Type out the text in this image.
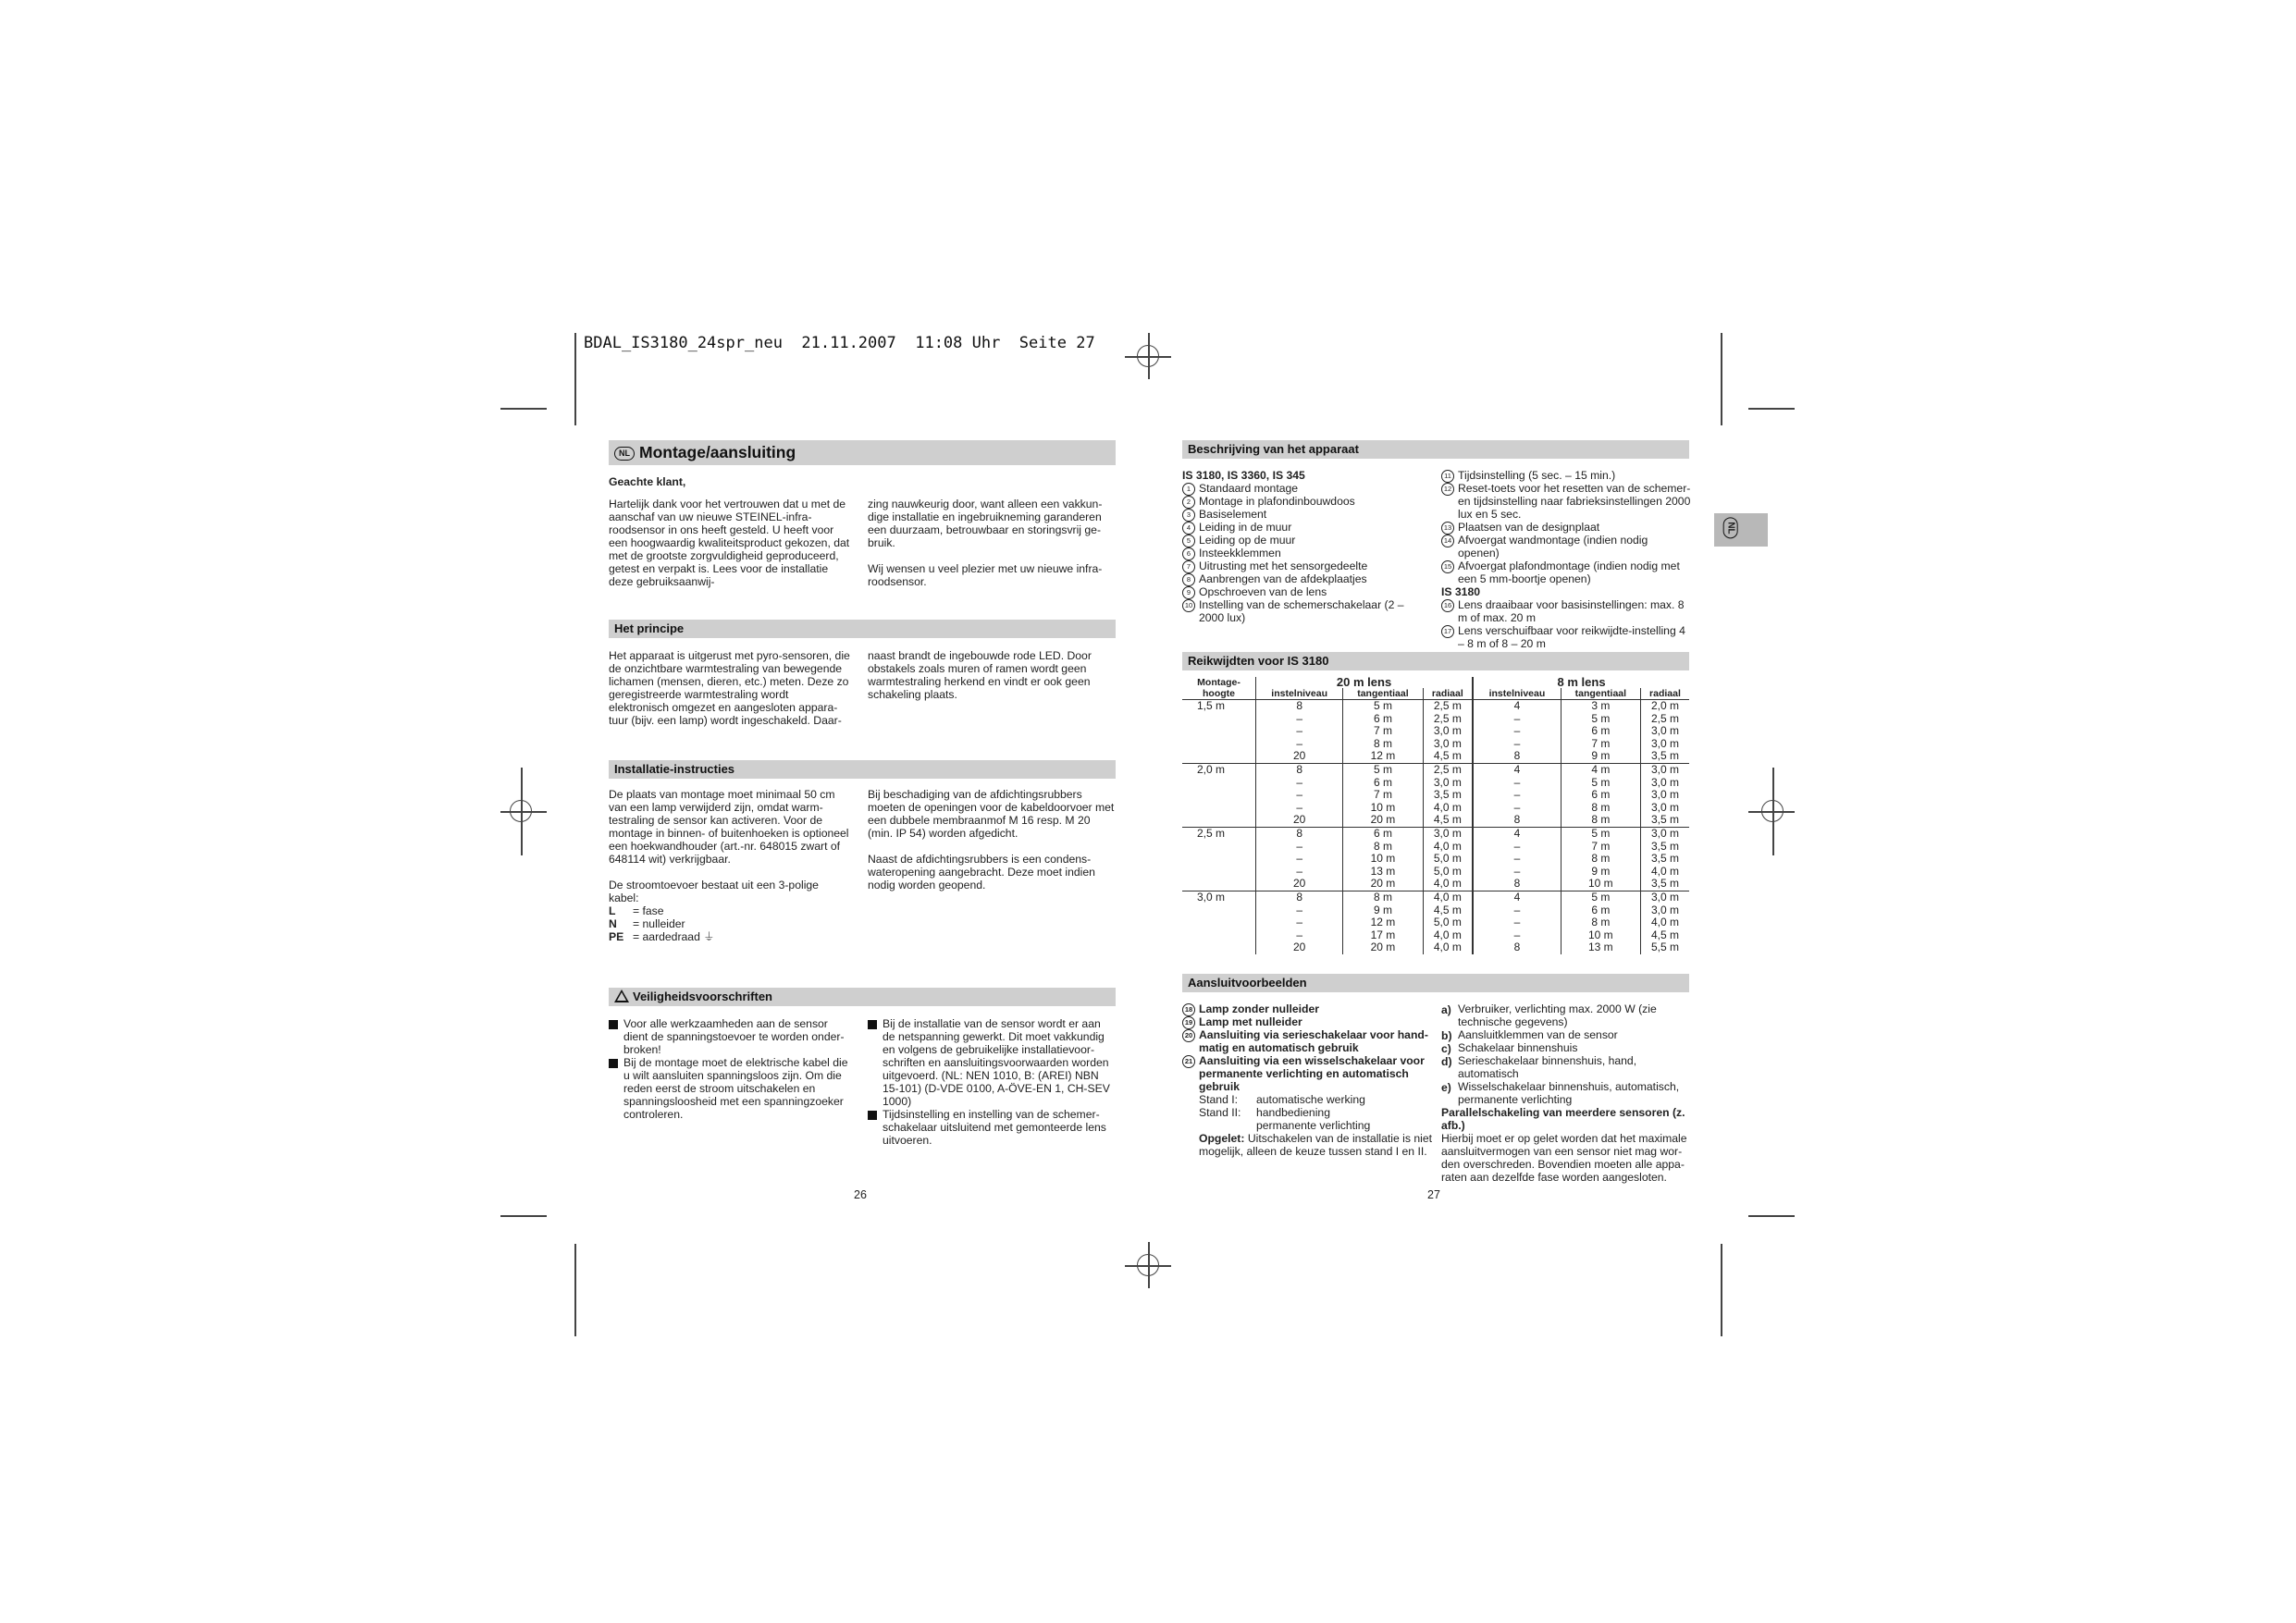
BDAL_IS3180_24spr_neu  21.11.2007  11:08 Uhr  Seite 27
NL Montage/aansluiting
Geachte klant,

Hartelijk dank voor het vertrouwen dat u met de aanschaf van uw nieuwe STEINEL-infraroodsensor in ons heeft gesteld. U heeft voor een hoogwaardig kwaliteitsproduct gekozen, dat met de grootste zorgvuldigheid geproduceerd, getest en verpakt is. Lees voor de installatie deze gebruiksaanwij-

zing nauwkeurig door, want alleen een vakkundige installatie en ingebruikneming garanderen een duurzaam, betrouwbaar en storingsvrij gebruik.

Wij wensen u veel plezier met uw nieuwe infraroodsensor.

Het principe

Het apparaat is uitgerust met pyro-sensoren, die de onzichtbare warmtestraling van bewegende lichamen (mensen, dieren, etc.) meten. Deze zo geregistreerde warmtestraling wordt elektronisch omgezet en aangesloten apparatuur (bijv. een lamp) wordt ingeschakeld. Daar-

naast brandt de ingebouwde rode LED. Door obstakels zoals muren of ramen wordt geen warmtestraling herkend en vindt er ook geen schakeling plaats.

Installatie-instructies

De plaats van montage moet minimaal 50 cm van een lamp verwijderd zijn, omdat warmtestraling de sensor kan activeren. Voor de montage in binnen- of buitenhoeken is optioneel een hoekwandhouder (art.-nr. 648015 zwart of 648114 wit) verkrijgbaar.

De stroomtoevoer bestaat uit een 3-polige kabel:

L = fase
N = nulleider
PE = aardedraad ⏚

Bij beschadiging van de afdichtingsrubbers moeten de openingen voor de kabeldoorvoer met een dubbele membraanmof M 16 resp. M 20 (min. IP 54) worden afgedicht.

Naast de afdichtingsrubbers is een condenswateropening aangebracht. Deze moet indien nodig worden geopend.

Veiligheidsvoorschriften
Voor alle werkzaamheden aan de sensor dient de spanningstoevoer te worden onderbroken!
Bij de montage moet de elektrische kabel die u wilt aansluiten spanningsloos zijn. Om die reden eerst de stroom uitschakelen en spanningsloosheid met een spanningzoeker controleren.
Bij de installatie van de sensor wordt er aan de netspanning gewerkt. Dit moet vakkundig en volgens de gebruikelijke installatievoorschriften en aansluitingsvoorwaarden worden uitgevoerd. (NL: NEN 1010, B: (AREI) NBN 15-101) (D-VDE 0100, A-ÖVE-EN 1, CH-SEV 1000)
Tijdsinstelling en instelling van de schemerschakelaar uitsluitend met gemonteerde lens uitvoeren.
26
Beschrijving van het apparaat
IS 3180, IS 3360, IS 345
1 Standaard montage
2 Montage in plafondinbouwdoos
3 Basiselement
4 Leiding in de muur
5 Leiding op de muur
6 Insteekklemmen
7 Uitrusting met het sensorgedeelte
8 Aanbrengen van de afdekplaatjes
9 Opschroeven van de lens
10 Instelling van de schemerschakelaar (2 – 2000 lux)
11 Tijdsinstelling (5 sec. – 15 min.)
12 Reset-toets voor het resetten van de schemeren tijdsinstelling naar fabrieksinstellingen 2000 lux en 5 sec.
13 Plaatsen van de designplaat
14 Afvoergat wandmontage (indien nodig openen)
15 Afvoergat plafondmontage (indien nodig met een 5 mm-boortje openen)
IS 3180
16 Lens draaibaar voor basisinstellingen: max. 8 m of max. 20 m
17 Lens verschuifbaar voor reikwijdte-instelling 4 – 8 m of 8 – 20 m
NL
Reikwijdten voor IS 3180
Montage-
hoogte	20 m lens			8 m lens		
	instelniveau	tangentiaal	radiaal	instelniveau	tangentiaal	radiaal
1,5 m	8	5 m	2,5 m	4	3 m	2,0 m
	–	6 m	2,5 m	–	5 m	2,5 m
	–	7 m	3,0 m	–	6 m	3,0 m
	–	8 m	3,0 m	–	7 m	3,0 m
	20	12 m	4,5 m	8	9 m	3,5 m
2,0 m	8	5 m	2,5 m	4	4 m	3,0 m
	–	6 m	3,0 m	–	5 m	3,0 m
	–	7 m	3,5 m	–	6 m	3,0 m
	–	10 m	4,0 m	–	8 m	3,0 m
	20	20 m	4,5 m	8	8 m	3,5 m
2,5 m	8	6 m	3,0 m	4	5 m	3,0 m
	–	8 m	4,0 m	–	7 m	3,5 m
	–	10 m	5,0 m	–	8 m	3,5 m
	–	13 m	5,0 m	–	9 m	4,0 m
	20	20 m	4,0 m	8	10 m	3,5 m
3,0 m	8	8 m	4,0 m	4	5 m	3,0 m
	–	9 m	4,5 m	–	6 m	3,0 m
	–	12 m	5,0 m	–	8 m	4,0 m
	–	17 m	4,0 m	–	10 m	4,5 m
	20	20 m	4,0 m	8	13 m	5,5 m
Aansluitvoorbeelden
18 Lamp zonder nulleider
19 Lamp met nulleider
20 Aansluiting via serieschakelaar voor handmatig en automatisch gebruik
21 Aansluiting via een wisselschakelaar voor permanente verlichting en automatisch gebruik
Stand I: automatische werking
Stand II: handbediening
permanente verlichting
Opgelet: Uitschakelen van de installatie is niet mogelijk, alleen de keuze tussen stand I en II.
a) Verbruiker, verlichting max. 2000 W (zie technische gegevens)
b) Aansluitklemmen van de sensor
c) Schakelaar binnenshuis
d) Serieschakelaar binnenshuis, hand, automatisch
e) Wisselschakelaar binnenshuis, automatisch, permanente verlichting
Parallelschakeling van meerdere sensoren (z. afb.)
Hierbij moet er op gelet worden dat het maximale aansluitvermogen van een sensor niet mag worden overschreden. Bovendien moeten alle apparaten aan dezelfde fase worden aangesloten.
27
